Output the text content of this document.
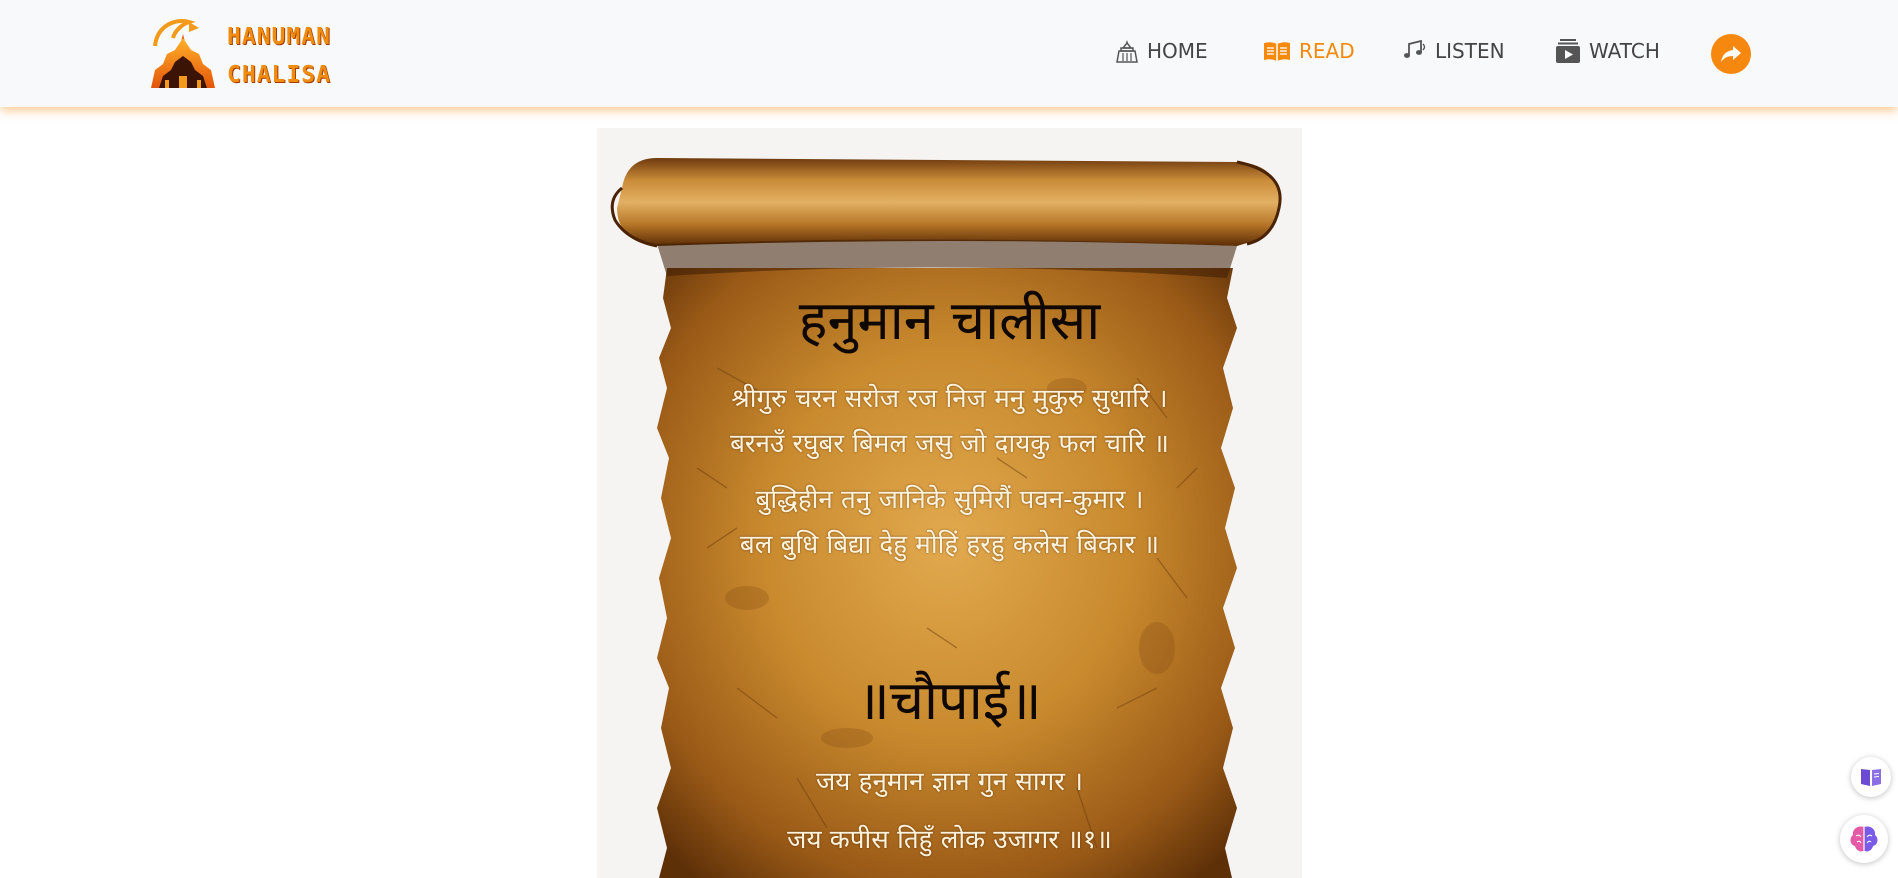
HANUMAN
CHALISA
HOME	READ	LISTEN	WATCH
हनुमान चालीसा
श्रीगुरु चरन सरोज रज निज मनु मुकुरु सुधारि ।
बरनउँ रघुबर बिमल जसु जो दायकु फल चारि ॥
बुद्धिहीन तनु जानिके सुमिरौं पवन-कुमार ।
बल बुधि बिद्या देहु मोहिं हरहु कलेस बिकार ॥
॥चौपाई॥
जय हनुमान ज्ञान गुन सागर ।
जय कपीस तिहुँ लोक उजागर ॥१॥
